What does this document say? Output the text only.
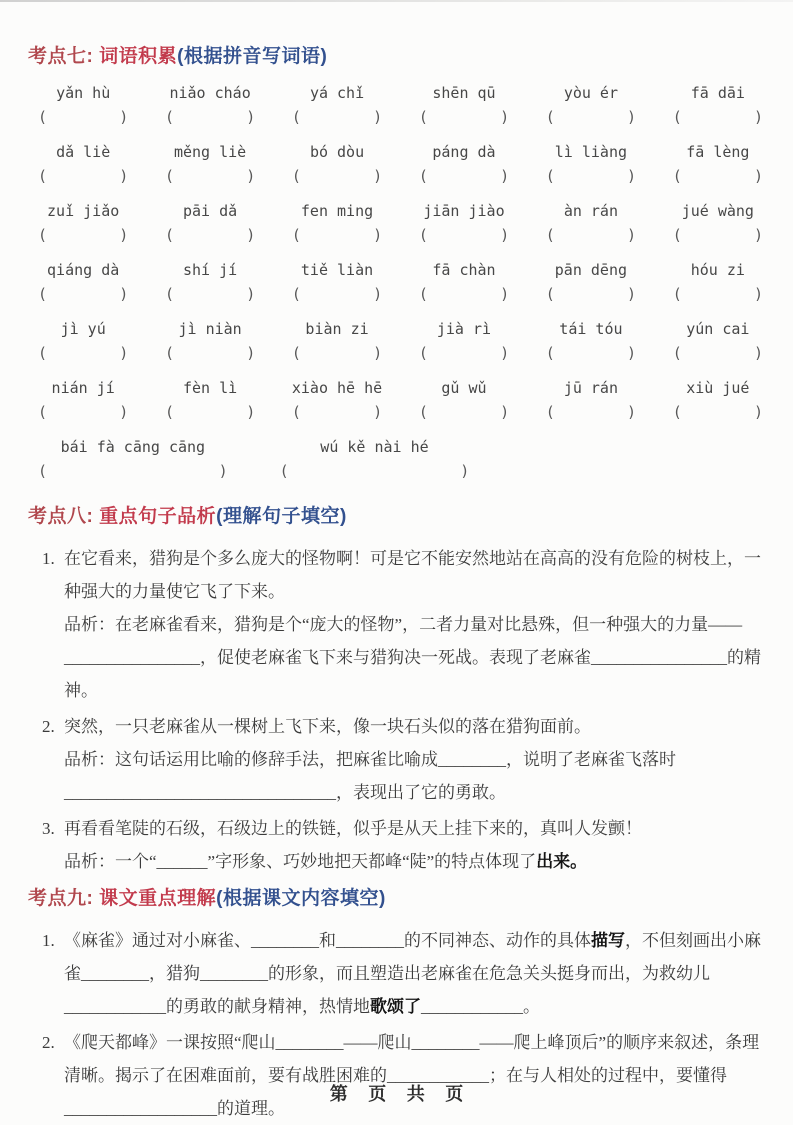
考点七: 词语积累(根据拼音写词语)
yǎn hù
(        )
niǎo cháo
(        )
yá chǐ
(        )
shēn qū
(        )
yòu ér
(        )
fā dāi
(        )
dǎ liè
(        )
měng liè
(        )
bó dòu
(        )
páng dà
(        )
lì liàng
(        )
fā lèng
(        )
zuǐ jiǎo
(        )
pāi dǎ
(        )
fen ming
(        )
jiān jiào
(        )
àn rán
(        )
jué wàng
(        )
qiáng dà
(        )
shí jí
(        )
tiě liàn
(        )
fā chàn
(        )
pān dēng
(        )
hóu zi
(        )
jì yú
(        )
jì niàn
(        )
biàn zi
(        )
jià rì
(        )
tái tóu
(        )
yún cai
(        )
nián jí
(        )
fèn lì
(        )
xiào hē hē
(        )
gǔ wǔ
(        )
jū rán
(        )
xiù jué
(        )
bái fà cāng cāng
(                   )
wú kě nài hé
(                   )
考点八: 重点句子品析(理解句子填空)
1. 在它看来，猎狗是个多么庞大的怪物啊！可是它不能安然地站在高高的没有危险的树枝上，一种强大的力量使它飞了下来。

品析：在老麻雀看来，猎狗是个“庞大的怪物”，二者力量对比悬殊，但一种强大的力量——________________，促使老麻雀飞下来与猎狗决一死战。表现了老麻雀________________的精神。

2. 突然，一只老麻雀从一棵树上飞下来，像一块石头似的落在猎狗面前。

品析：这句话运用比喻的修辞手法，把麻雀比喻成________，说明了老麻雀飞落时________________________________，表现出了它的勇敢。

3. 再看看笔陡的石级，石级边上的铁链，似乎是从天上挂下来的，真叫人发颤！

品析：一个“______”字形象、巧妙地把天都峰“陡”的特点体现了出来。

考点九: 课文重点理解(根据课文内容填空)
1. 《麻雀》通过对小麻雀、________和________的不同神态、动作的具体描写，不但刻画出小麻雀________，猎狗________的形象，而且塑造出老麻雀在危急关头挺身而出，为救幼儿____________的勇敢的献身精神，热情地歌颂了____________。

2. 《爬天都峰》一课按照“爬山________——爬山________——爬上峰顶后”的顺序来叙述，条理清晰。揭示了在困难面前，要有战胜困难的____________；在与人相处的过程中，要懂得__________________的道理。

第 页 共 页
